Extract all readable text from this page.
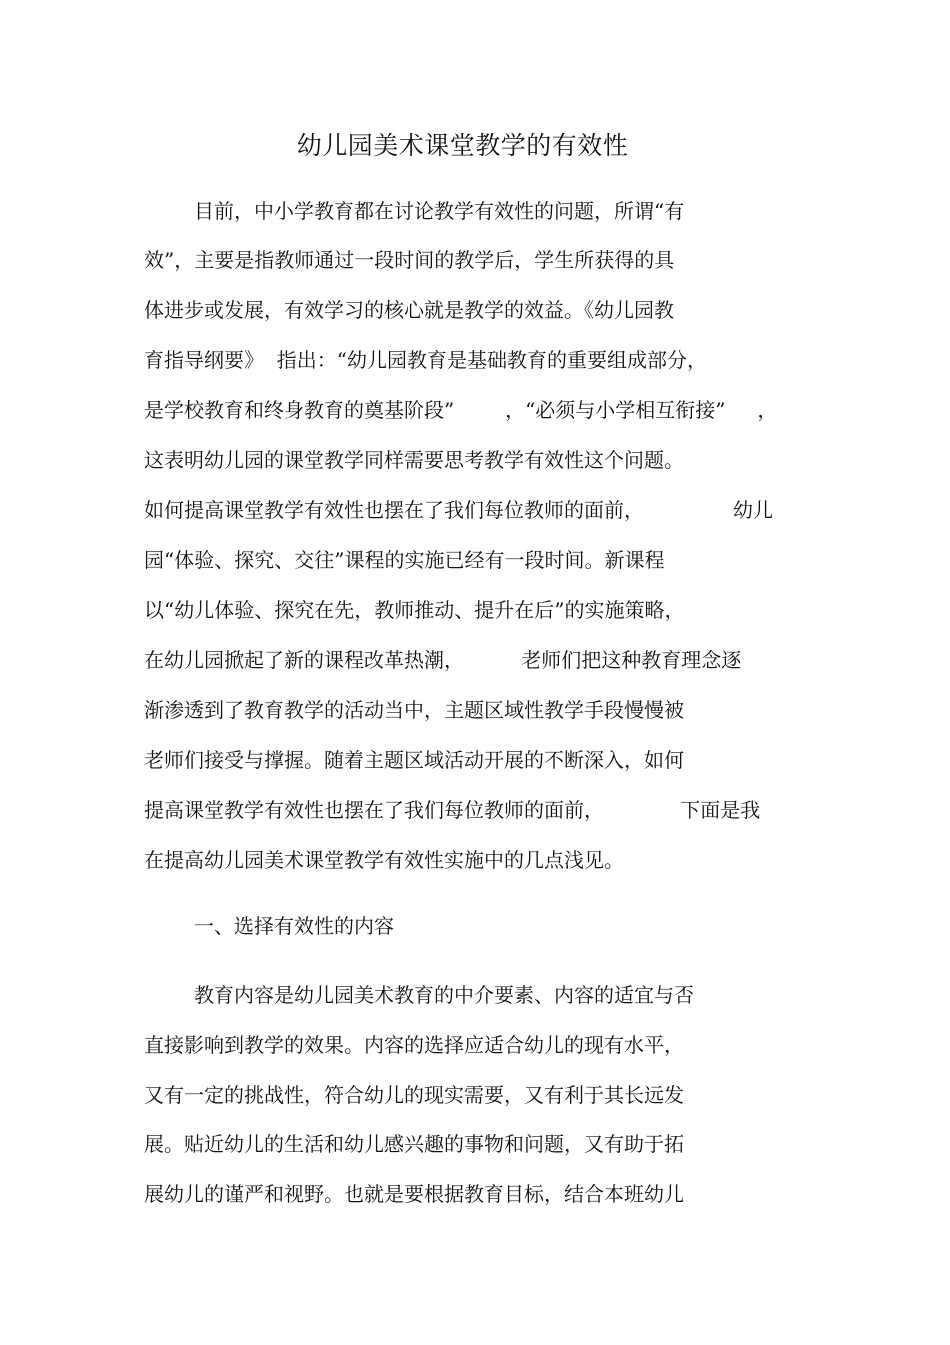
幼儿园美术课堂教学的有效性
目前，中小学教育都在讨论教学有效性的问题，所谓“有
效”，主要是指教师通过一段时间的教学后，学生所获得的具
体进步或发展，有效学习的核心就是教学的效益。《幼儿园教
育指导纲要》  指出：“幼儿园教育是基础教育的重要组成部分，
是学校教育和终身教育的奠基阶段”        ，“必须与小学相互衔接”     ，
这表明幼儿园的课堂教学同样需要思考教学有效性这个问题。
如何提高课堂教学有效性也摆在了我们每位教师的面前，              幼儿
园“体验、探究、交往”课程的实施已经有一段时间。新课程
以“幼儿体验、探究在先，教师推动、提升在后”的实施策略，
在幼儿园掀起了新的课程改革热潮，         老师们把这种教育理念逐
渐渗透到了教育教学的活动当中，主题区域性教学手段慢慢被
老师们接受与撑握。随着主题区域活动开展的不断深入，如何
提高课堂教学有效性也摆在了我们每位教师的面前，            下面是我
在提高幼儿园美术课堂教学有效性实施中的几点浅见。
一、选择有效性的内容
教育内容是幼儿园美术教育的中介要素、内容的适宜与否
直接影响到教学的效果。内容的选择应适合幼儿的现有水平，
又有一定的挑战性，符合幼儿的现实需要，又有利于其长远发
展。贴近幼儿的生活和幼儿感兴趣的事物和问题，又有助于拓
展幼儿的谨严和视野。也就是要根据教育目标，结合本班幼儿
